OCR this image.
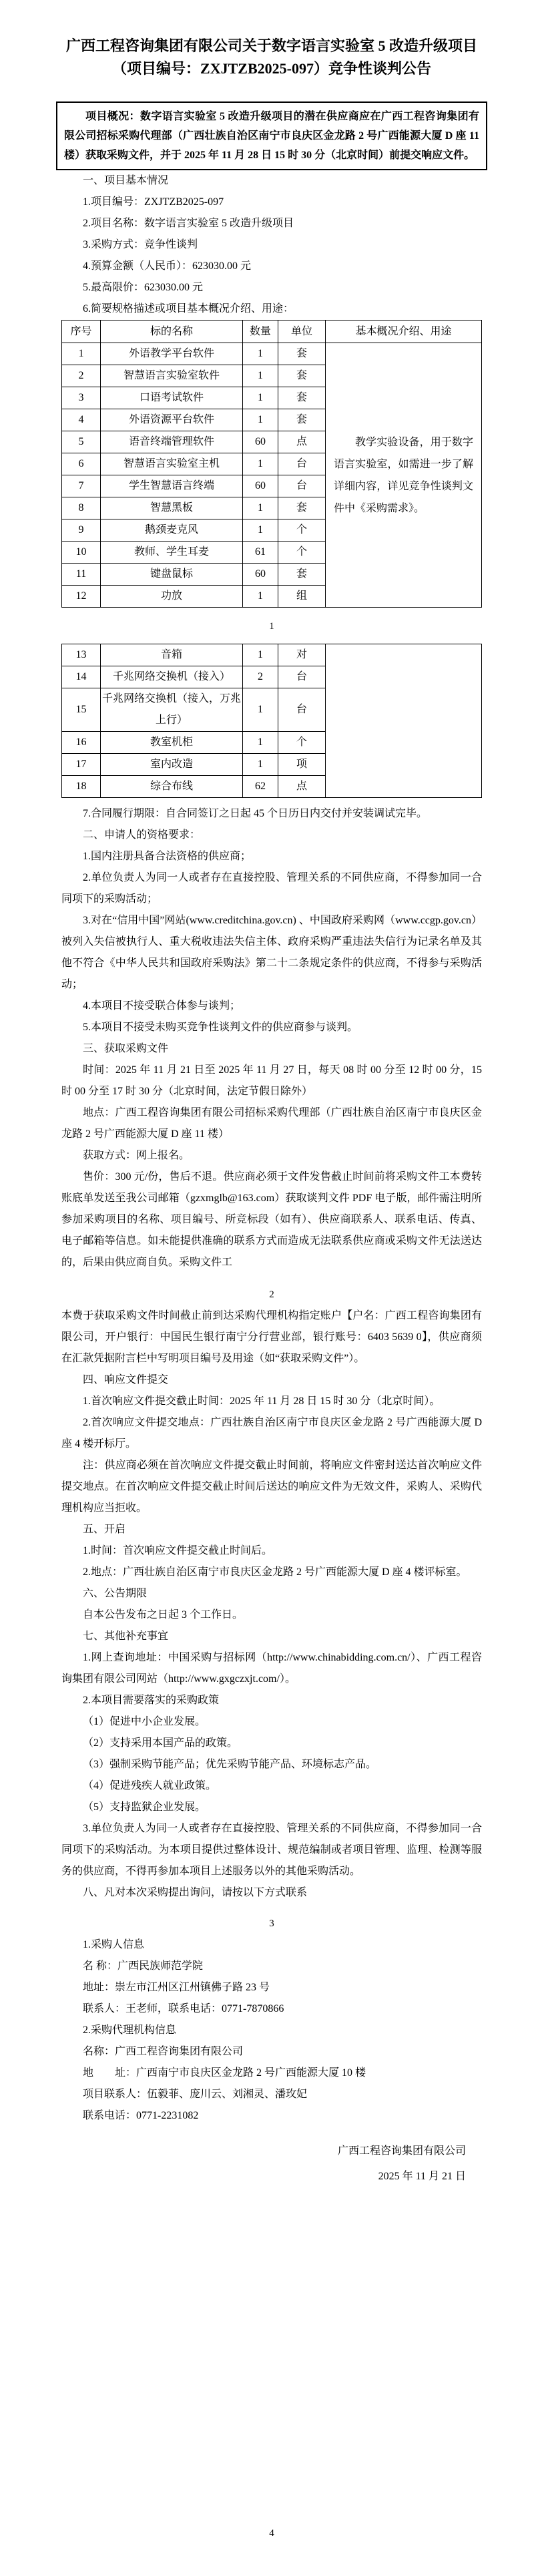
广西工程咨询集团有限公司关于数字语言实验室 5 改造升级项目
（项目编号：ZXJTZB2025-097）竞争性谈判公告

项目概况：数字语言实验室 5 改造升级项目的潜在供应商应在广西工程咨询集团有限公司招标采购代理部（广西壮族自治区南宁市良庆区金龙路 2 号广西能源大厦 D 座 11 楼）获取采购文件，并于 2025 年 11 月 28 日 15 时 30 分（北京时间）前提交响应文件。

一、项目基本情况

1.项目编号：ZXJTZB2025-097

2.项目名称：数字语言实验室 5 改造升级项目

3.采购方式：竞争性谈判

4.预算金额（人民币）：623030.00 元

5.最高限价：623030.00 元

6.简要规格描述或项目基本概况介绍、用途：

序号	标的名称	数量	单位	基本概况介绍、用途
1	外语教学平台软件	1	套	教学实验设备，用于数字语言实验室，如需进一步了解详细内容，详见竞争性谈判文件中《采购需求》。

2	智慧语言实验室软件	1	套	
3	口语考试软件	1	套	
4	外语资源平台软件	1	套	
5	语音终端管理软件	60	点	
6	智慧语言实验室主机	1	台	
7	学生智慧语言终端	60	台	
8	智慧黑板	1	套	
9	鹅颈麦克风	1	个	
10	教师、学生耳麦	61	个	
11	键盘鼠标	60	套	
12	功放	1	组	
1
13	音箱	1	对	
14	千兆网络交换机（接入）	2	台	
15	千兆网络交换机（接入，万兆上行）	1	台	
16	教室机柜	1	个	
17	室内改造	1	项	
18	综合布线	62	点	

7.合同履行期限：自合同签订之日起 45 个日历日内交付并安装调试完毕。

二、申请人的资格要求：

1.国内注册具备合法资格的供应商；

2.单位负责人为同一人或者存在直接控股、管理关系的不同供应商，不得参加同一合同项下的采购活动；

3.对在“信用中国”网站(www.creditchina.gov.cn) 、中国政府采购网（www.ccgp.gov.cn）被列入失信被执行人、重大税收违法失信主体、政府采购严重违法失信行为记录名单及其他不符合《中华人民共和国政府采购法》第二十二条规定条件的供应商，不得参与采购活动；

4.本项目不接受联合体参与谈判；

5.本项目不接受未购买竞争性谈判文件的供应商参与谈判。

三、获取采购文件

时间：2025 年 11 月 21 日至 2025 年 11 月 27 日，每天 08 时 00 分至 12 时 00 分，15 时 00 分至 17 时 30 分（北京时间，法定节假日除外）

地点：广西工程咨询集团有限公司招标采购代理部（广西壮族自治区南宁市良庆区金龙路 2 号广西能源大厦 D 座 11 楼）

获取方式：网上报名。

售价：300 元/份，售后不退。供应商必须于文件发售截止时间前将采购文件工本费转账底单发送至我公司邮箱（gzxmglb@163.com）获取谈判文件 PDF 电子版，邮件需注明所参加采购项目的名称、项目编号、所竞标段（如有）、供应商联系人、联系电话、传真、电子邮箱等信息。如未能提供准确的联系方式而造成无法联系供应商或采购文件无法送达的，后果由供应商自负。采购文件工

2

本费于获取采购文件时间截止前到达采购代理机构指定账户【户名：广西工程咨询集团有限公司，开户银行：中国民生银行南宁分行营业部，银行账号：6403 5639 0】，供应商须在汇款凭据附言栏中写明项目编号及用途（如“获取采购文件”）。

四、响应文件提交

1.首次响应文件提交截止时间：2025 年 11 月 28 日 15 时 30 分（北京时间）。

2.首次响应文件提交地点：广西壮族自治区南宁市良庆区金龙路 2 号广西能源大厦 D 座 4 楼开标厅。

注：供应商必须在首次响应文件提交截止时间前，将响应文件密封送达首次响应文件提交地点。在首次响应文件提交截止时间后送达的响应文件为无效文件，采购人、采购代理机构应当拒收。

五、开启

1.时间：首次响应文件提交截止时间后。

2.地点：广西壮族自治区南宁市良庆区金龙路 2 号广西能源大厦 D 座 4 楼评标室。

六、公告期限

自本公告发布之日起 3 个工作日。

七、其他补充事宜

1.网上查询地址：中国采购与招标网（http://www.chinabidding.com.cn/）、广西工程咨询集团有限公司网站（http://www.gxgczxjt.com/）。

2.本项目需要落实的采购政策

（1）促进中小企业发展。

（2）支持采用本国产品的政策。

（3）强制采购节能产品；优先采购节能产品、环境标志产品。

（4）促进残疾人就业政策。

（5）支持监狱企业发展。

3.单位负责人为同一人或者存在直接控股、管理关系的不同供应商，不得参加同一合同项下的采购活动。为本项目提供过整体设计、规范编制或者项目管理、监理、检测等服务的供应商，不得再参加本项目上述服务以外的其他采购活动。

八、凡对本次采购提出询问，请按以下方式联系

3

1.采购人信息

名 称：广西民族师范学院

地址：崇左市江州区江州镇佛子路 23 号

联系人：王老师，联系电话：0771-7870866

2.采购代理机构信息

名称：广西工程咨询集团有限公司

地　　址：广西南宁市良庆区金龙路 2 号广西能源大厦 10 楼

项目联系人：伍毅菲、庞川云、刘湘灵、潘玫妃

联系电话：0771-2231082

广西工程咨询集团有限公司
2025 年 11 月 21 日
4
